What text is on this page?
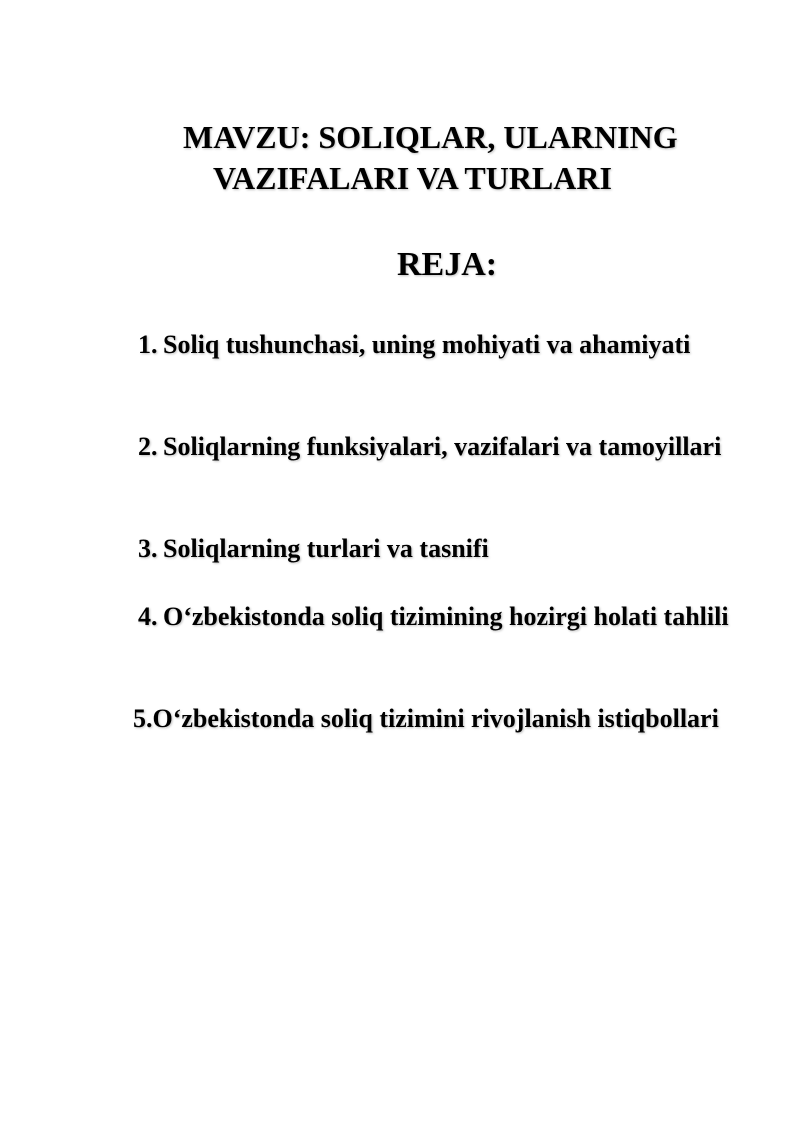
MAVZU: SOLIQLAR, ULARNING
VAZIFALARI VA TURLARI
REJA:
1. Soliq tushunchasi, uning mohiyati va ahamiyati
2. Soliqlarning funksiyalari, vazifalari va tamoyillari
3. Soliqlarning turlari va tasnifi
4. O‘zbekistonda soliq tizimining hozirgi holati tahlili
5.O‘zbekistonda soliq tizimini rivojlanish istiqbollari
